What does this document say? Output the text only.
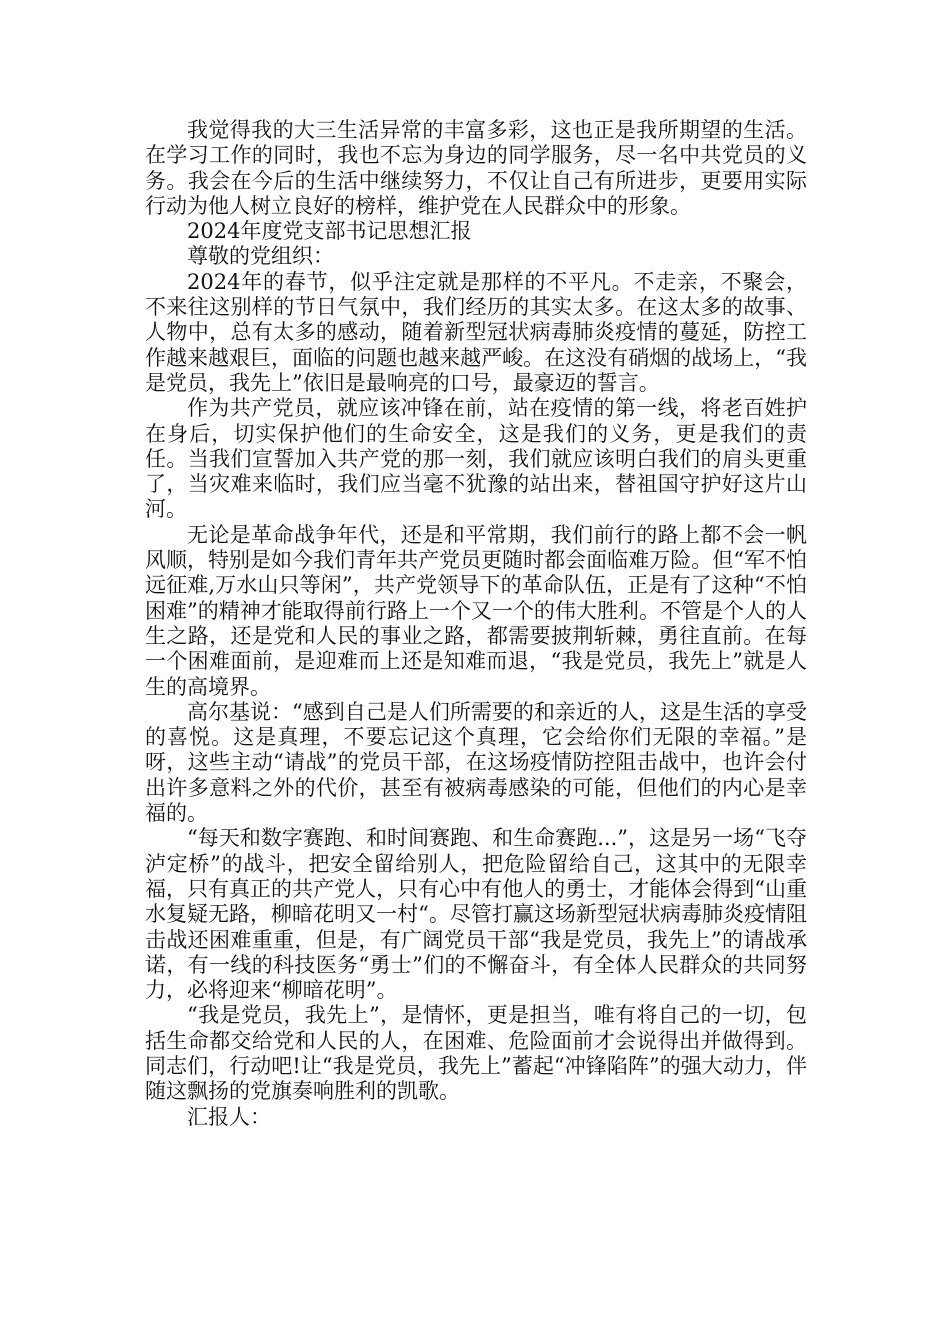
我觉得我的大三生活异常的丰富多彩，这也正是我所期望的生活。在学习工作的同时，我也不忘为身边的同学服务，尽一名中共党员的义务。我会在今后的生活中继续努力，不仅让自己有所进步，更要用实际行动为他人树立良好的榜样，维护党在人民群众中的形象。

2024年度党支部书记思想汇报

尊敬的党组织：

2024年的春节，似乎注定就是那样的不平凡。不走亲，不聚会，不来往这别样的节日气氛中，我们经历的其实太多。在这太多的故事、人物中，总有太多的感动，随着新型冠状病毒肺炎疫情的蔓延，防控工作越来越艰巨，面临的问题也越来越严峻。在这没有硝烟的战场上，“我是党员，我先上”依旧是最响亮的口号，最豪迈的誓言。

作为共产党员，就应该冲锋在前，站在疫情的第一线，将老百姓护在身后，切实保护他们的生命安全，这是我们的义务，更是我们的责任。当我们宣誓加入共产党的那一刻，我们就应该明白我们的肩头更重了，当灾难来临时，我们应当毫不犹豫的站出来，替祖国守护好这片山河。

无论是革命战争年代，还是和平常期，我们前行的路上都不会一帆风顺，特别是如今我们青年共产党员更随时都会面临难万险。但“军不怕远征难,万水山只等闲”，共产党领导下的革命队伍，正是有了这种“不怕困难”的精神才能取得前行路上一个又一个的伟大胜利。不管是个人的人生之路，还是党和人民的事业之路，都需要披荆斩棘，勇往直前。在每一个困难面前，是迎难而上还是知难而退，“我是党员，我先上”就是人生的高境界。

高尔基说：“感到自己是人们所需要的和亲近的人，这是生活的享受的喜悦。这是真理，不要忘记这个真理，它会给你们无限的幸福。”是呀，这些主动“请战”的党员干部，在这场疫情防控阻击战中，也许会付出许多意料之外的代价，甚至有被病毒感染的可能，但他们的内心是幸福的。

“每天和数字赛跑、和时间赛跑、和生命赛跑...”，这是另一场“飞夺泸定桥”的战斗，把安全留给别人，把危险留给自己，这其中的无限幸福，只有真正的共产党人，只有心中有他人的勇士，才能体会得到“山重水复疑无路，柳暗花明又一村“。尽管打赢这场新型冠状病毒肺炎疫情阻击战还困难重重，但是，有广阔党员干部“我是党员，我先上”的请战承诺，有一线的科技医务“勇士”们的不懈奋斗，有全体人民群众的共同努力，必将迎来“柳暗花明”。

“我是党员，我先上”，是情怀，更是担当，唯有将自己的一切，包括生命都交给党和人民的人，在困难、危险面前才会说得出并做得到。同志们，行动吧!让“我是党员，我先上”蓄起“冲锋陷阵”的强大动力，伴随这飘扬的党旗奏响胜利的凯歌。

汇报人：
